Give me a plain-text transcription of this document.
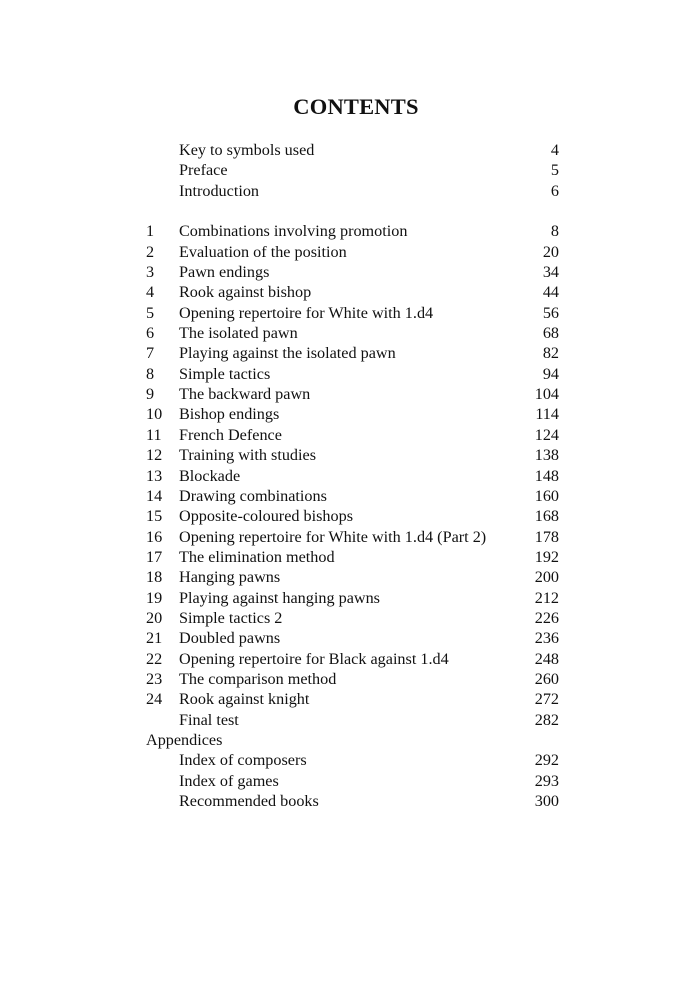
CONTENTS
Key to symbols used	4
Preface	5
Introduction	6
1 Combinations involving promotion	8
2 Evaluation of the position	20
3 Pawn endings	34
4 Rook against bishop	44
5 Opening repertoire for White with 1.d4	56
6 The isolated pawn	68
7 Playing against the isolated pawn	82
8 Simple tactics	94
9 The backward pawn	104
10 Bishop endings	114
11 French Defence	124
12 Training with studies	138
13 Blockade	148
14 Drawing combinations	160
15 Opposite-coloured bishops	168
16 Opening repertoire for White with 1.d4 (Part 2)	178
17 The elimination method	192
18 Hanging pawns	200
19 Playing against hanging pawns	212
20 Simple tactics 2	226
21 Doubled pawns	236
22 Opening repertoire for Black against 1.d4	248
23 The comparison method	260
24 Rook against knight	272
Final test	282
Appendices
Index of composers	292
Index of games	293
Recommended books	300
